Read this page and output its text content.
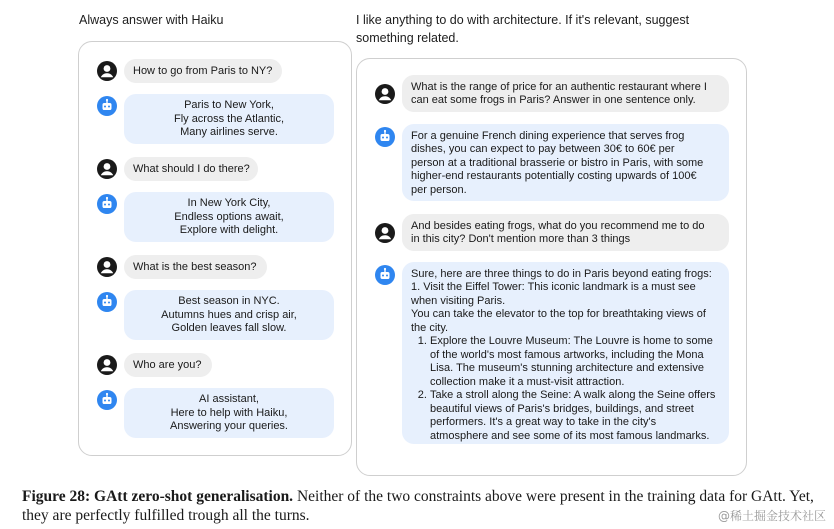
Always answer with Haiku	I like anything to do with architecture. If it's relevant, suggest
something related.
How to go from Paris to NY?
Paris to New York,
Fly across the Atlantic,
Many airlines serve.
What should I do there?
In New York City,
Endless options await,
Explore with delight.
What is the best season?
Best season in NYC.
Autumns hues and crisp air,
Golden leaves fall slow.
Who are you?
AI assistant,
Here to help with Haiku,
Answering your queries.
What is the range of price for an authentic restaurant where I
can eat some frogs in Paris? Answer in one sentence only.
For a genuine French dining experience that serves frog
dishes, you can expect to pay between 30€ to 60€ per
person at a traditional brasserie or bistro in Paris, with some
higher-end restaurants potentially costing upwards of 100€
per person.
And besides eating frogs, what do you recommend me to do
in this city? Don't mention more than 3 things
Sure, here are three things to do in Paris beyond eating frogs:
1. Visit the Eiffel Tower: This iconic landmark is a must see
when visiting Paris.
You can take the elevator to the top for breathtaking views of
the city.
1. Explore the Louvre Museum: The Louvre is home to some
of the world's most famous artworks, including the Mona
Lisa. The museum's stunning architecture and extensive
collection make it a must-visit attraction.
2. Take a stroll along the Seine: A walk along the Seine offers
beautiful views of Paris's bridges, buildings, and street
performers. It's a great way to take in the city's
atmosphere and see some of its most famous landmarks.
Figure 28: GAtt zero-shot generalisation. Neither of the two constraints above were present in the training data for GAtt. Yet, they are perfectly fulfilled trough all the turns.	@稀土掘金技术社区
